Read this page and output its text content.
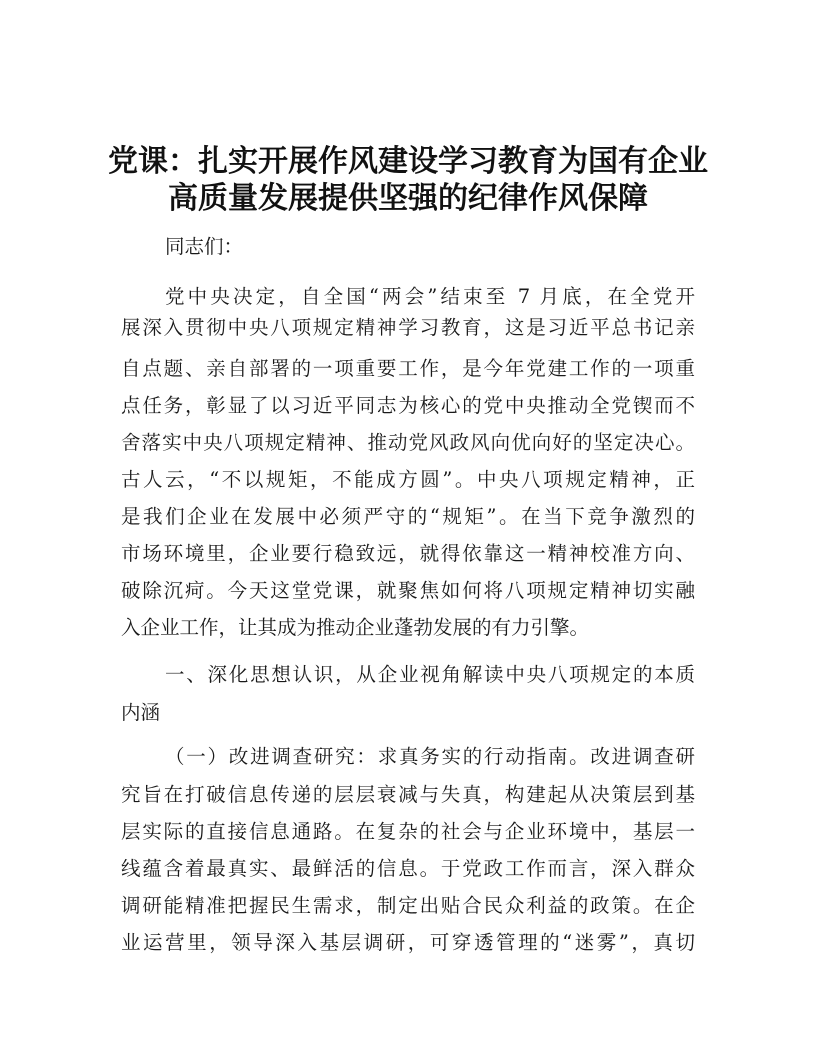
党课：扎实开展作风建设学习教育为国有企业
高质量发展提供坚强的纪律作风保障
同志们：
党中央决定，自全国“两会”结束至 7 月底，在全党开
展深入贯彻中央八项规定精神学习教育，这是习近平总书记亲
自点题、亲自部署的一项重要工作，是今年党建工作的一项重
点任务，彰显了以习近平同志为核心的党中央推动全党锲而不
舍落实中央八项规定精神、推动党风政风向优向好的坚定决心。
古人云，“不以规矩，不能成方圆”。中央八项规定精神，正
是我们企业在发展中必须严守的“规矩”。在当下竞争激烈的
市场环境里，企业要行稳致远，就得依靠这一精神校准方向、
破除沉疴。今天这堂党课，就聚焦如何将八项规定精神切实融
入企业工作，让其成为推动企业蓬勃发展的有力引擎。
一、深化思想认识，从企业视角解读中央八项规定的本质
内涵
（一）改进调查研究：求真务实的行动指南。改进调查研
究旨在打破信息传递的层层衰减与失真，构建起从决策层到基
层实际的直接信息通路。在复杂的社会与企业环境中，基层一
线蕴含着最真实、最鲜活的信息。于党政工作而言，深入群众
调研能精准把握民生需求，制定出贴合民众利益的政策。在企
业运营里，领导深入基层调研，可穿透管理的“迷雾”，真切
